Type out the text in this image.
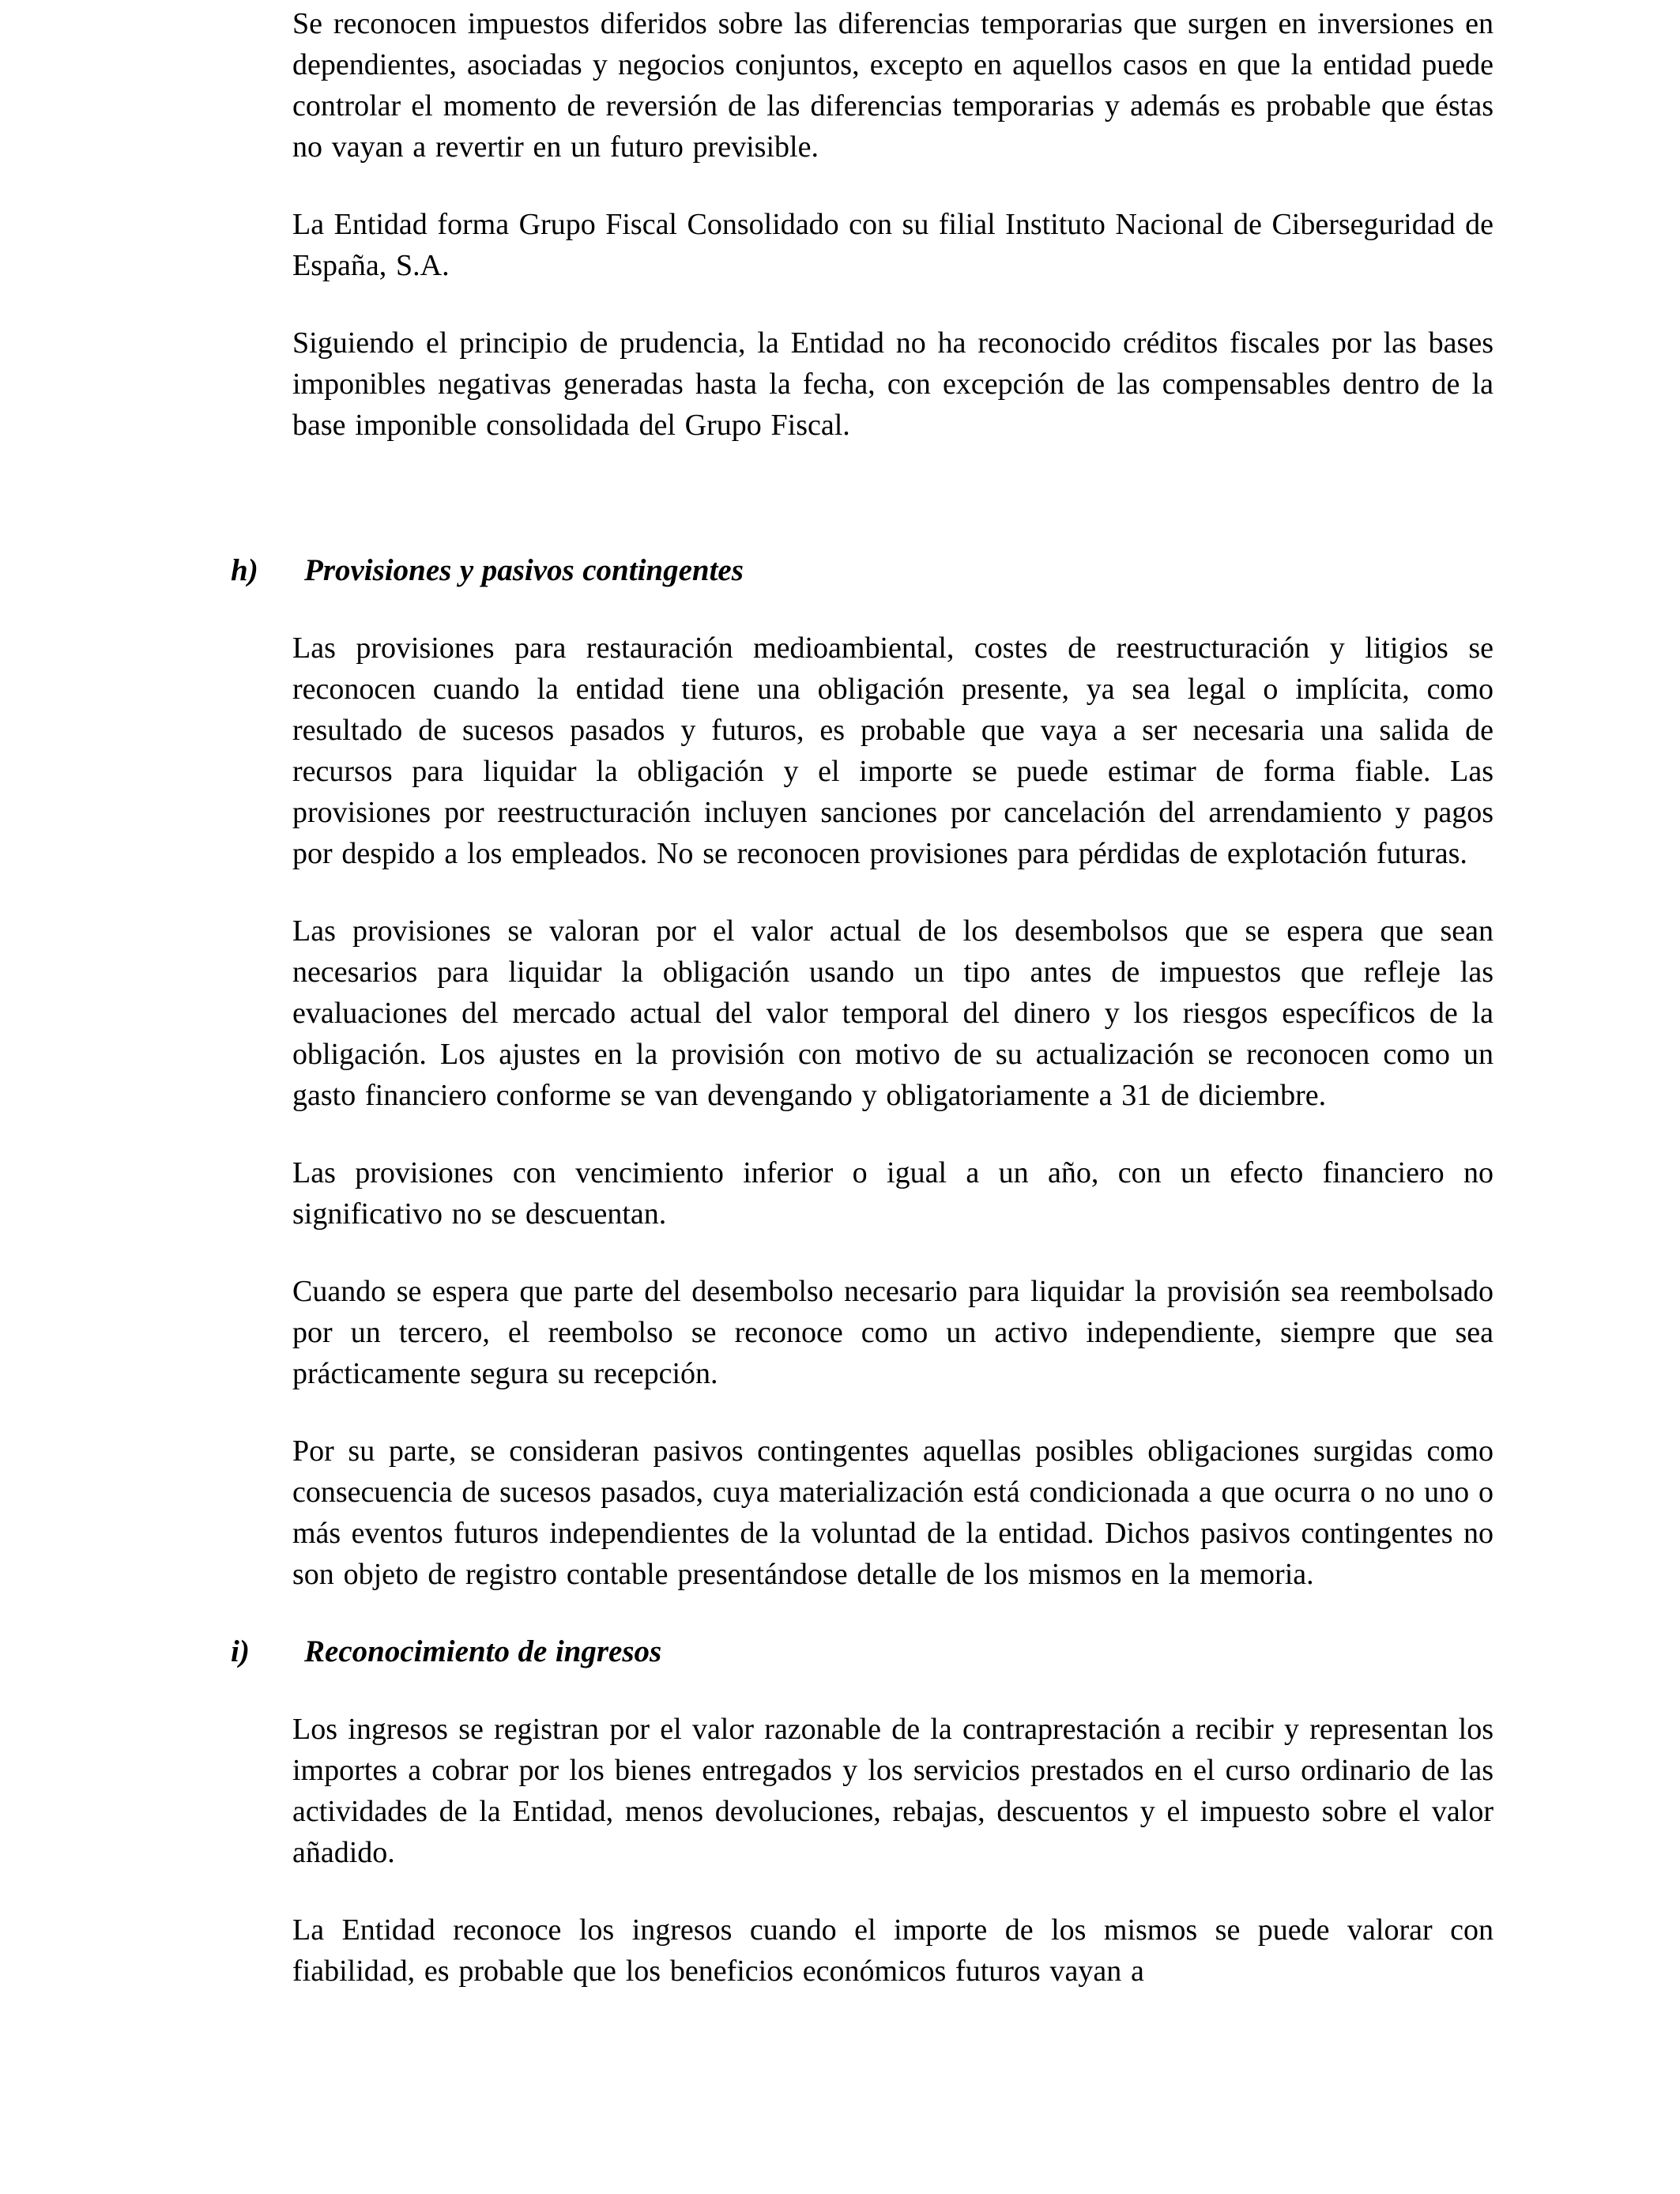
Se reconocen impuestos diferidos sobre las diferencias temporarias que surgen en inversiones en dependientes, asociadas y negocios conjuntos, excepto en aquellos casos en que la entidad puede controlar el momento de reversión de las diferencias temporarias y además es probable que éstas no vayan a revertir en un futuro previsible.

La Entidad forma Grupo Fiscal Consolidado con su filial Instituto Nacional de Ciberseguridad de España, S.A.

Siguiendo el principio de prudencia, la Entidad no ha reconocido créditos fiscales por las bases imponibles negativas generadas hasta la fecha, con excepción de las compensables dentro de la base imponible consolidada del Grupo Fiscal.

h) Provisiones y pasivos contingentes

Las provisiones para restauración medioambiental, costes de reestructuración y litigios se reconocen cuando la entidad tiene una obligación presente, ya sea legal o implícita, como resultado de sucesos pasados y futuros, es probable que vaya a ser necesaria una salida de recursos para liquidar la obligación y el importe se puede estimar de forma fiable. Las provisiones por reestructuración incluyen sanciones por cancelación del arrendamiento y pagos por despido a los empleados. No se reconocen provisiones para pérdidas de explotación futuras.

Las provisiones se valoran por el valor actual de los desembolsos que se espera que sean necesarios para liquidar la obligación usando un tipo antes de impuestos que refleje las evaluaciones del mercado actual del valor temporal del dinero y los riesgos específicos de la obligación. Los ajustes en la provisión con motivo de su actualización se reconocen como un gasto financiero conforme se van devengando y obligatoriamente a 31 de diciembre.

Las provisiones con vencimiento inferior o igual a un año, con un efecto financiero no significativo no se descuentan.

Cuando se espera que parte del desembolso necesario para liquidar la provisión sea reembolsado por un tercero, el reembolso se reconoce como un activo independiente, siempre que sea prácticamente segura su recepción.

Por su parte, se consideran pasivos contingentes aquellas posibles obligaciones surgidas como consecuencia de sucesos pasados, cuya materialización está condicionada a que ocurra o no uno o más eventos futuros independientes de la voluntad de la entidad. Dichos pasivos contingentes no son objeto de registro contable presentándose detalle de los mismos en la memoria.

i) Reconocimiento de ingresos

Los ingresos se registran por el valor razonable de la contraprestación a recibir y representan los importes a cobrar por los bienes entregados y los servicios prestados en el curso ordinario de las actividades de la Entidad, menos devoluciones, rebajas, descuentos y el impuesto sobre el valor añadido.

La Entidad reconoce los ingresos cuando el importe de los mismos se puede valorar con fiabilidad, es probable que los beneficios económicos futuros vayan a
